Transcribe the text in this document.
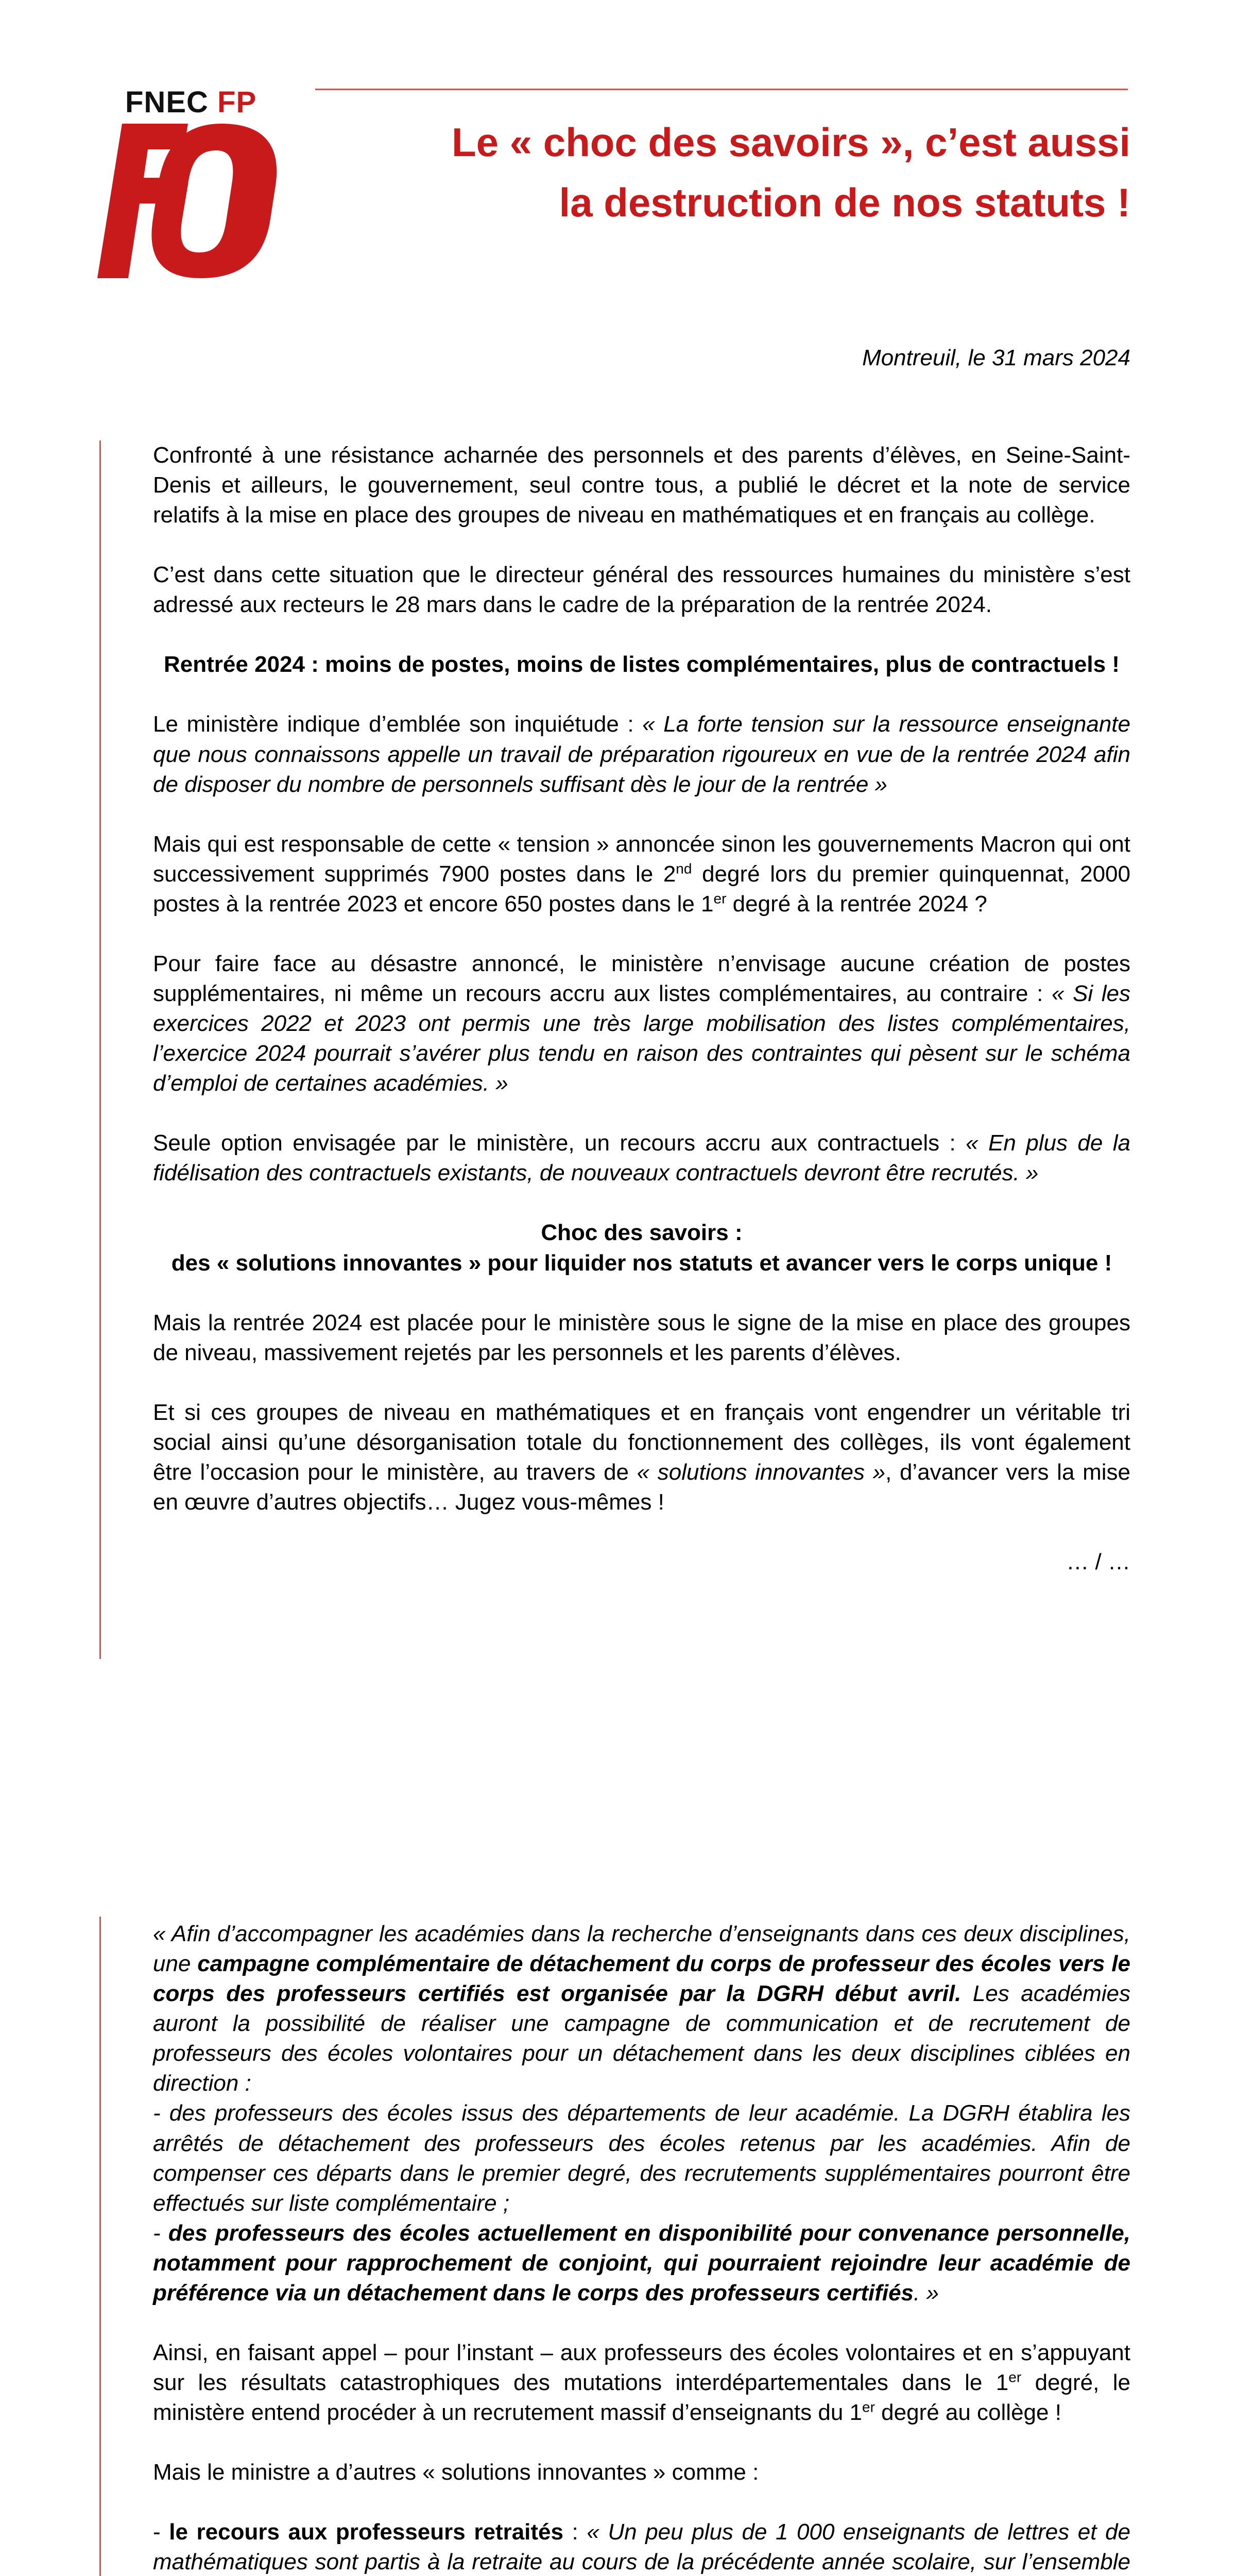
FNEC FP
Le « choc des savoirs », c’est aussi
la destruction de nos statuts !
Montreuil, le 31 mars 2024

Confronté à une résistance acharnée des personnels et des parents d’élèves, en Seine-Saint-Denis et ailleurs, le gouvernement, seul contre tous, a publié le décret et la note de service relatifs à la mise en place des groupes de niveau en mathématiques et en français au collège.

C’est dans cette situation que le directeur général des ressources humaines du ministère s’est adressé aux recteurs le 28 mars dans le cadre de la préparation de la rentrée 2024.

Rentrée 2024 : moins de postes, moins de listes complémentaires, plus de contractuels !

Le ministère indique d’emblée son inquiétude : « La forte tension sur la ressource enseignante que nous connaissons appelle un travail de préparation rigoureux en vue de la rentrée 2024 afin de disposer du nombre de personnels suffisant dès le jour de la rentrée »

Mais qui est responsable de cette « tension » annoncée sinon les gouvernements Macron qui ont successivement supprimés 7900 postes dans le 2nd degré lors du premier quinquennat, 2000 postes à la rentrée 2023 et encore 650 postes dans le 1er degré à la rentrée 2024 ?

Pour faire face au désastre annoncé, le ministère n’envisage aucune création de postes supplémentaires, ni même un recours accru aux listes complémentaires, au contraire : « Si les exercices 2022 et 2023 ont permis une très large mobilisation des listes complémentaires, l’exercice 2024 pourrait s’avérer plus tendu en raison des contraintes qui pèsent sur le schéma d’emploi de certaines académies. »

Seule option envisagée par le ministère, un recours accru aux contractuels : « En plus de la fidélisation des contractuels existants, de nouveaux contractuels devront être recrutés. »

Choc des savoirs :
des « solutions innovantes » pour liquider nos statuts et avancer vers le corps unique !

Mais la rentrée 2024 est placée pour le ministère sous le signe de la mise en place des groupes de niveau, massivement rejetés par les personnels et les parents d’élèves.

Et si ces groupes de niveau en mathématiques et en français vont engendrer un véritable tri social ainsi qu’une désorganisation totale du fonctionnement des collèges, ils vont également être l’occasion pour le ministère, au travers de « solutions innovantes », d’avancer vers la mise en œuvre d’autres objectifs… Jugez vous-mêmes !

… / …

« Afin d’accompagner les académies dans la recherche d’enseignants dans ces deux disciplines, une campagne complémentaire de détachement du corps de professeur des écoles vers le corps des professeurs certifiés est organisée par la DGRH début avril. Les académies auront la possibilité de réaliser une campagne de communication et de recrutement de professeurs des écoles volontaires pour un détachement dans les deux disciplines ciblées en direction :

- des professeurs des écoles issus des départements de leur académie. La DGRH établira les arrêtés de détachement des professeurs des écoles retenus par les académies. Afin de compenser ces départs dans le premier degré, des recrutements supplémentaires pourront être effectués sur liste complémentaire ;

- des professeurs des écoles actuellement en disponibilité pour convenance personnelle, notamment pour rapprochement de conjoint, qui pourraient rejoindre leur académie de préférence via un détachement dans le corps des professeurs certifiés. »

Ainsi, en faisant appel – pour l’instant – aux professeurs des écoles volontaires et en s’appuyant sur les résultats catastrophiques des mutations interdépartementales dans le 1er degré, le ministère entend procéder à un recrutement massif d’enseignants du 1er degré au collège !

Mais le ministre a d’autres « solutions innovantes » comme :

- le recours aux professeurs retraités : « Un peu plus de 1 000 enseignants de lettres et de mathématiques sont partis à la retraite au cours de la précédente année scolaire, sur l’ensemble
